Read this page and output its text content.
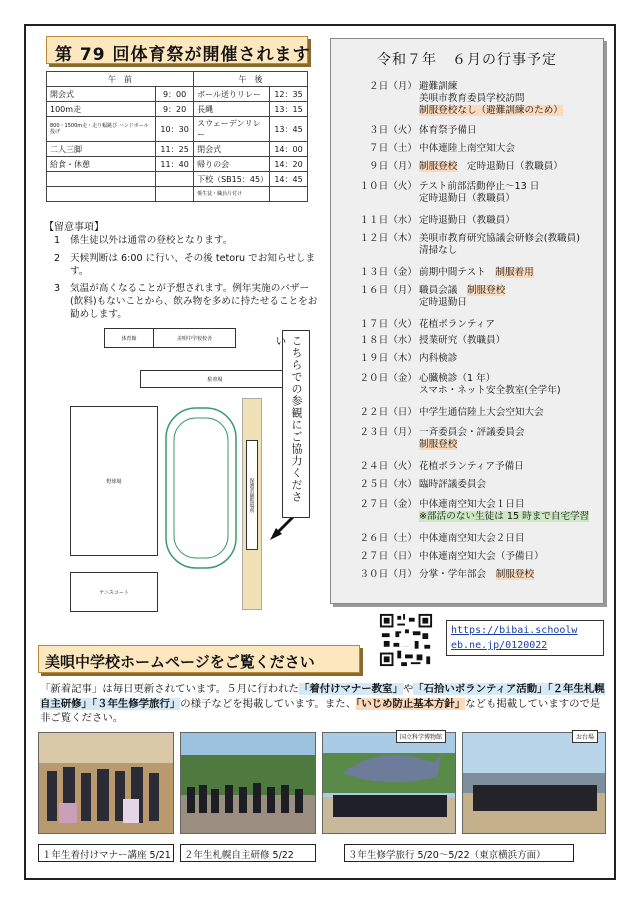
第 79 回体育祭が開催されます
午　前		午　後	
開会式	9：00	ボール送りリレー	12：35
100m走	9：20	長縄	13：15
800・1500m走・走り幅跳び ハンドボール投げ	10：30	スウェーデンリレー	13：45
二人三脚	11：25	閉会式	14：00
給食・休憩	11：40	帰りの会	14：20
		下校（SB15：45）	14：45
		係生徒・職員片付け	
【留意事項】
1 係生徒以外は通常の登校となります。
2 天候判断は 6:00 に行い、その後 tetoru でお知らせします。
3 気温が高くなることが予想されます。例年実施のバザー(飲料)もないことから、飲み物を多めに持たせることをお勧めします。
体育館	美唄中学校校舎
駐車場
野球場
テニスコート
保護者観覧場所	こちらでの参観にご協力ください
令和７年　６月の行事予定
２日（月） 避難訓練
美唄市教育委員学校訪問
制服登校なし（避難訓練のため）
３日（火） 体育祭予備日
７日（土） 中体連陸上南空知大会
９日（月） 制服登校　定時退勤日（教職員）
１０日（火） テスト前部活動停止～13 日
定時退勤日（教職員）
１１日（水） 定時退勤日（教職員）
１２日（木） 美唄市教育研究協議会研修会(教職員)
清掃なし
１３日（金） 前期中間テスト　 制服着用
１６日（月） 職員会議　 制服登校
定時退勤日
１７日（火） 花植ボランティア
１８日（水） 授業研究（教職員）
１９日（木） 内科検診
２０日（金） 心臓検診（1 年）
スマホ・ネット安全教室(全学年)
２２日（日） 中学生通信陸上大会空知大会
２３日（月） 一斉委員会・評議委員会
制服登校
２４日（火） 花植ボランティア予備日
２５日（水） 臨時評議委員会
２７日（金） 中体連南空知大会１日目
※部活のない生徒は 15 時まで自宅学習
２６日（土） 中体連南空知大会２日目
２７日（日） 中体連南空知大会（予備日）
３０日（月） 分掌・学年部会　 制服登校
https://bibai.schoolw
eb.ne.jp/0120022
美唄中学校ホームページをご覧ください
「新着記事」は毎日更新されています。５月に行われた「着付けマナー教室」や「石拾いボランティア活動」「２年生札幌自主研修」「３年生修学旅行」の様子などを掲載しています。また、「いじめ防止基本方針」なども掲載していますので是非ご覧ください。
国立科学博物館	お台場
１年生着付けマナー講座 5/21	２年生札幌自主研修 5/22	３年生修学旅行 5/20～5/22（東京横浜方面）
